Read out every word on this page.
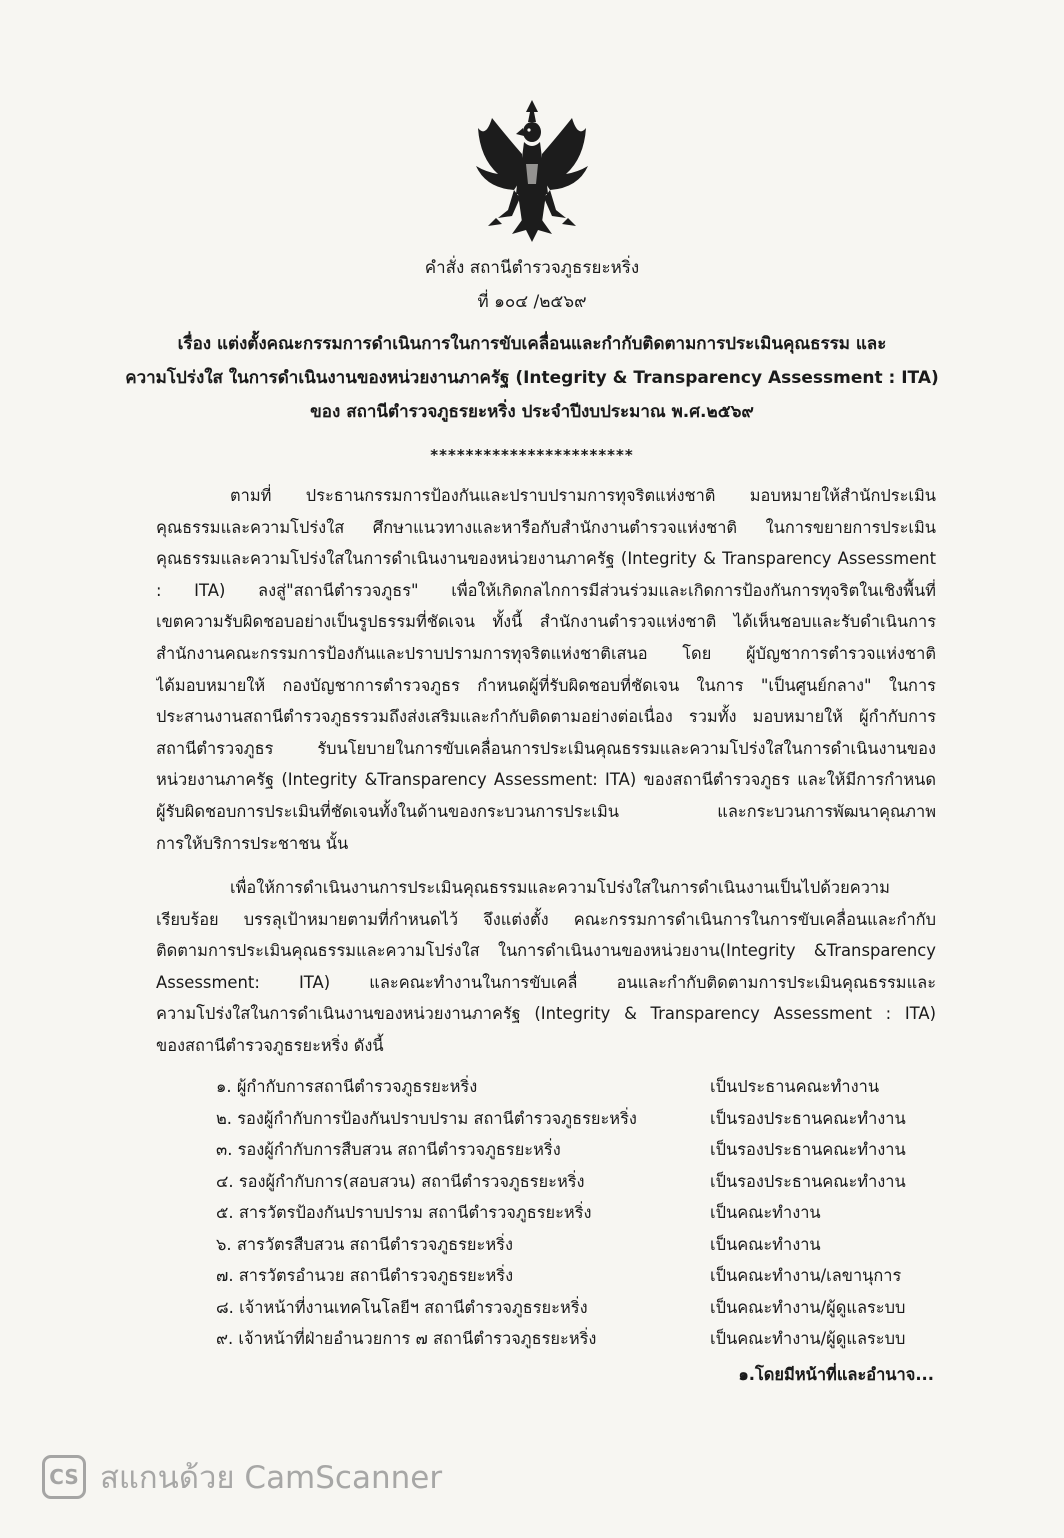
คำสั่ง สถานีตำรวจภูธรยะหริ่ง
ที่ ๑๐๔ /๒๕๖๙
เรื่อง แต่งตั้งคณะกรรมการดำเนินการในการขับเคลื่อนและกำกับติดตามการประเมินคุณธรรม และ
ความโปร่งใส ในการดำเนินงานของหน่วยงานภาครัฐ (Integrity & Transparency Assessment : ITA)
ของ สถานีตำรวจภูธรยะหริ่ง ประจำปีงบประมาณ พ.ศ.๒๕๖๙
***********************
ตามที่ ประธานกรรมการป้องกันและปราบปรามการทุจริตแห่งชาติ มอบหมายให้สำนักประเมิน
คุณธรรมและความโปร่งใส ศึกษาแนวทางและหารือกับสำนักงานตำรวจแห่งชาติ ในการขยายการประเมิน
คุณธรรมและความโปร่งใสในการดำเนินงานของหน่วยงานภาครัฐ (Integrity & Transparency Assessment
: ITA) ลงสู่"สถานีตำรวจภูธร" เพื่อให้เกิดกลไกการมีส่วนร่วมและเกิดการป้องกันการทุจริตในเชิงพื้นที่
เขตความรับผิดชอบอย่างเป็นรูปธรรมที่ชัดเจน ทั้งนี้ สำนักงานตำรวจแห่งชาติ ได้เห็นชอบและรับดำเนินการ
สำนักงานคณะกรรมการป้องกันและปราบปรามการทุจริตแห่งชาติเสนอ โดย ผู้บัญชาการตำรวจแห่งชาติ
ได้มอบหมายให้ กองบัญชาการตำรวจภูธร กำหนดผู้ที่รับผิดชอบที่ชัดเจน ในการ "เป็นศูนย์กลาง" ในการ
ประสานงานสถานีตำรวจภูธรรวมถึงส่งเสริมและกำกับติดตามอย่างต่อเนื่อง รวมทั้ง มอบหมายให้ ผู้กำกับการ
สถานีตำรวจภูธร รับนโยบายในการขับเคลื่อนการประเมินคุณธรรมและความโปร่งใสในการดำเนินงานของ
หน่วยงานภาครัฐ (Integrity &Transparency Assessment: ITA) ของสถานีตำรวจภูธร และให้มีการกำหนด
ผู้รับผิดชอบการประเมินที่ชัดเจนทั้งในด้านของกระบวนการประเมิน และกระบวนการพัฒนาคุณภาพ
การให้บริการประชาชน นั้น
เพื่อให้การดำเนินงานการประเมินคุณธรรมและความโปร่งใสในการดำเนินงานเป็นไปด้วยความ
เรียบร้อย บรรลุเป้าหมายตามที่กำหนดไว้ จึงแต่งตั้ง คณะกรรมการดำเนินการในการขับเคลื่อนและกำกับ
ติดตามการประเมินคุณธรรมและความโปร่งใส ในการดำเนินงานของหน่วยงาน(Integrity &Transparency
Assessment: ITA) และคณะทำงานในการขับเคลื่ อนและกำกับติดตามการประเมินคุณธรรมและ
ความโปร่งใสในการดำเนินงานของหน่วยงานภาครัฐ (Integrity & Transparency Assessment : ITA)
ของสถานีตำรวจภูธรยะหริ่ง ดังนี้
๑. ผู้กำกับการสถานีตำรวจภูธรยะหริ่ง	เป็นประธานคณะทำงาน
๒. รองผู้กำกับการป้องกันปราบปราม สถานีตำรวจภูธรยะหริ่ง	เป็นรองประธานคณะทำงาน
๓. รองผู้กำกับการสืบสวน สถานีตำรวจภูธรยะหริ่ง	เป็นรองประธานคณะทำงาน
๔. รองผู้กำกับการ(สอบสวน) สถานีตำรวจภูธรยะหริ่ง	เป็นรองประธานคณะทำงาน
๕. สารวัตรป้องกันปราบปราม สถานีตำรวจภูธรยะหริ่ง	เป็นคณะทำงาน
๖. สารวัตรสืบสวน สถานีตำรวจภูธรยะหริ่ง	เป็นคณะทำงาน
๗. สารวัตรอำนวย สถานีตำรวจภูธรยะหริ่ง	เป็นคณะทำงาน/เลขานุการ
๘. เจ้าหน้าที่งานเทคโนโลยีฯ สถานีตำรวจภูธรยะหริ่ง	เป็นคณะทำงาน/ผู้ดูแลระบบ
๙. เจ้าหน้าที่ฝ่ายอำนวยการ ๗ สถานีตำรวจภูธรยะหริ่ง	เป็นคณะทำงาน/ผู้ดูแลระบบ
๑.โดยมีหน้าที่และอำนาจ...
CS สแกนด้วย CamScanner
